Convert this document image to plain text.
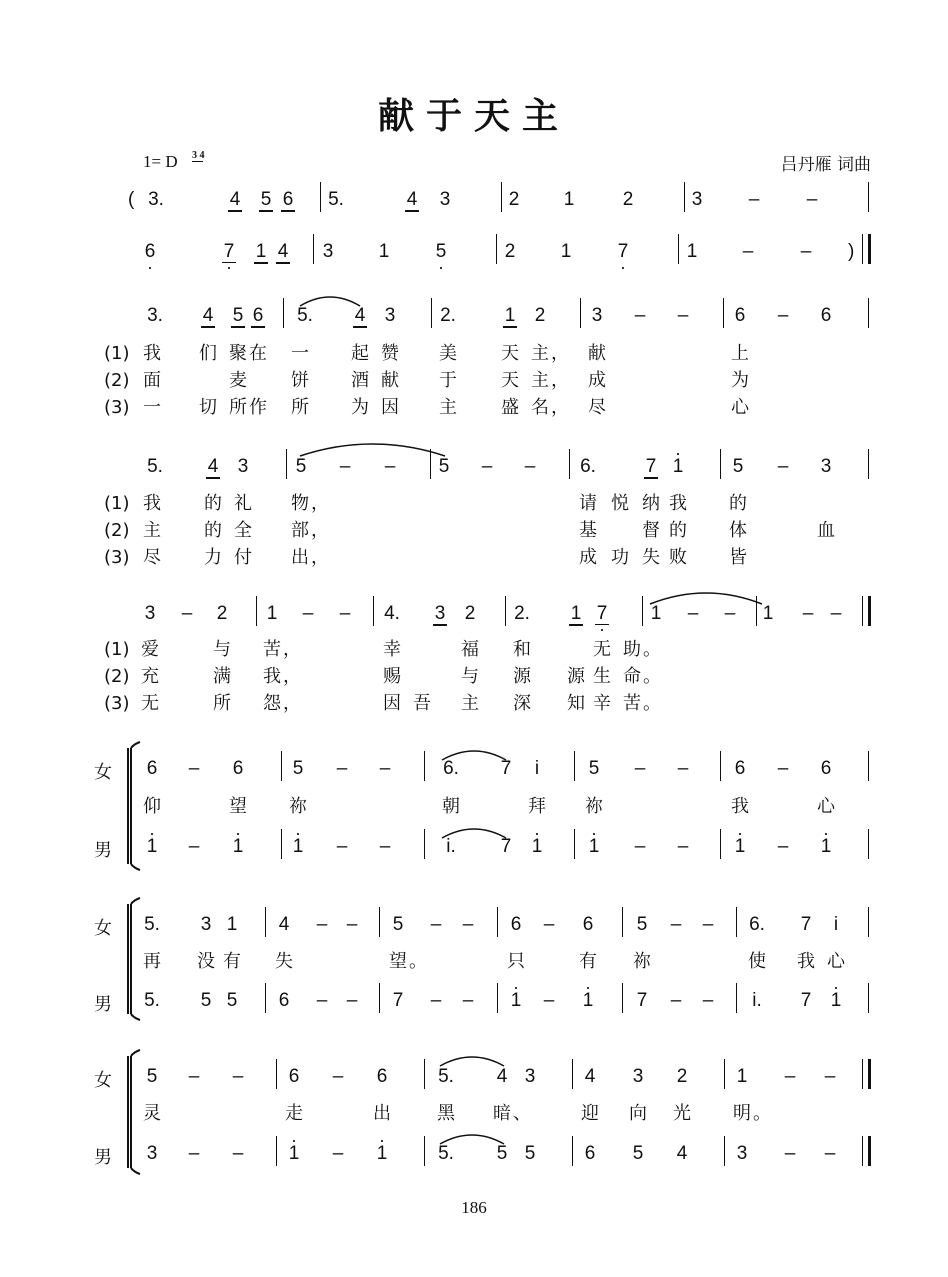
献于天主
1= D 3 4	吕丹雁 词曲
( 3.	4	5 6	5.	4	3	2	1	2	3	–	–
6 ·	7 ·	1 4	3	1	5 ·	2	1	7 ·	1	–	–	)
3.	4	5 6	5.	4	3	2.	1	2	3	–	–	6	–	6
(1)
(2)
(3)
我 们 聚 在 一 起 赞 美 天 主 ， 献	上
面	麦 饼 酒 献 于 天 主 ， 成	为
一 切 所 作 所 为 因 主 盛 名 ， 尽	心
5.	4	3	5	–	–	5	–	–	6.	7 · 1	5	–	3
(1)
(2)
(3)
我 的 礼 物 ，	请 悦 纳 我 的
主 的 全 部 ，	基	督 的 体	血
尽 力 付 出 ，	成 功 失 败 皆
3	–	2	1	–	–	4.	3	2	2.	1 7 ·	1	–	–	1	– –
(1)
(2)
(3)
爱	与 苦 ，	幸	福 和	无 助 。
充	满 我 ，	赐	与 源 源 生 命 。
无	所 怨 ，	因 吾 主 深 知 辛 苦 。
女
男
6	–	6	5	–	–	6.	7	i	5	–	–	6	–	6
· 1	–	· 1	· 1	–	–	i.	7	· 1	· 1	–	–	· 1	–	· 1
仰	望 祢	朝	拜 祢	我	心
女
男
5.	3 1	4	–	–	5	–	–	6	–	6	5	–	–	6.	7	i
5.	5 5	6	–	–	7	–	–	· 1	–	· 1	7	–	–	i.	7	· 1
再 没 有 失	望 。	只	有 祢	使 我 心
女
男
5	–	–	6	–	6	5.	4 3	4	3	2	1	–	–
3	–	–	· 1	–	· 1	5.	5 5	6	5	4	3	–	–
灵	走	出	黑 暗 、	迎 向 光 明 。
186
